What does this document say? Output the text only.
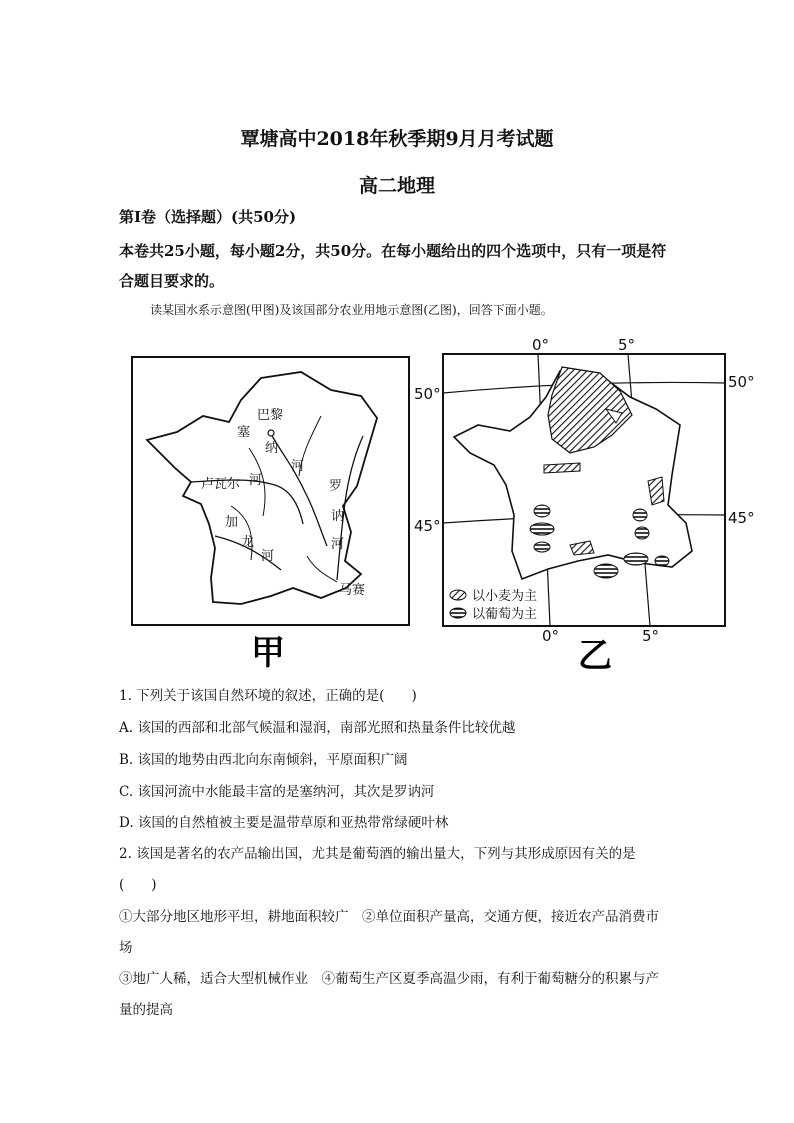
覃塘高中2018年秋季期9月月考试题
高二地理
第I卷（选择题）(共50分)
本卷共25小题，每小题2分，共50分。在每小题给出的四个选项中，只有一项是符合题目要求的。
读某国水系示意图(甲图)及该国部分农业用地示意图(乙图)，回答下面小题。
巴黎
塞
纳
河
卢瓦尔 河
加
龙
河
罗
讷
河
马赛
甲
0°	5°
0°	5°
50°
50°
45°	45°
以小麦为主
以葡萄为主
乙
1. 下列关于该国自然环境的叙述，正确的是(　　)
A. 该国的西部和北部气候温和湿润，南部光照和热量条件比较优越
B. 该国的地势由西北向东南倾斜，平原面积广阔
C. 该国河流中水能最丰富的是塞纳河，其次是罗讷河
D. 该国的自然植被主要是温带草原和亚热带常绿硬叶林
2. 该国是著名的农产品输出国，尤其是葡萄酒的输出量大，下列与其形成原因有关的是
(　　)
①大部分地区地形平坦，耕地面积较广　②单位面积产量高，交通方便，接近农产品消费市
场
③地广人稀，适合大型机械作业　④葡萄生产区夏季高温少雨，有利于葡萄糖分的积累与产
量的提高
